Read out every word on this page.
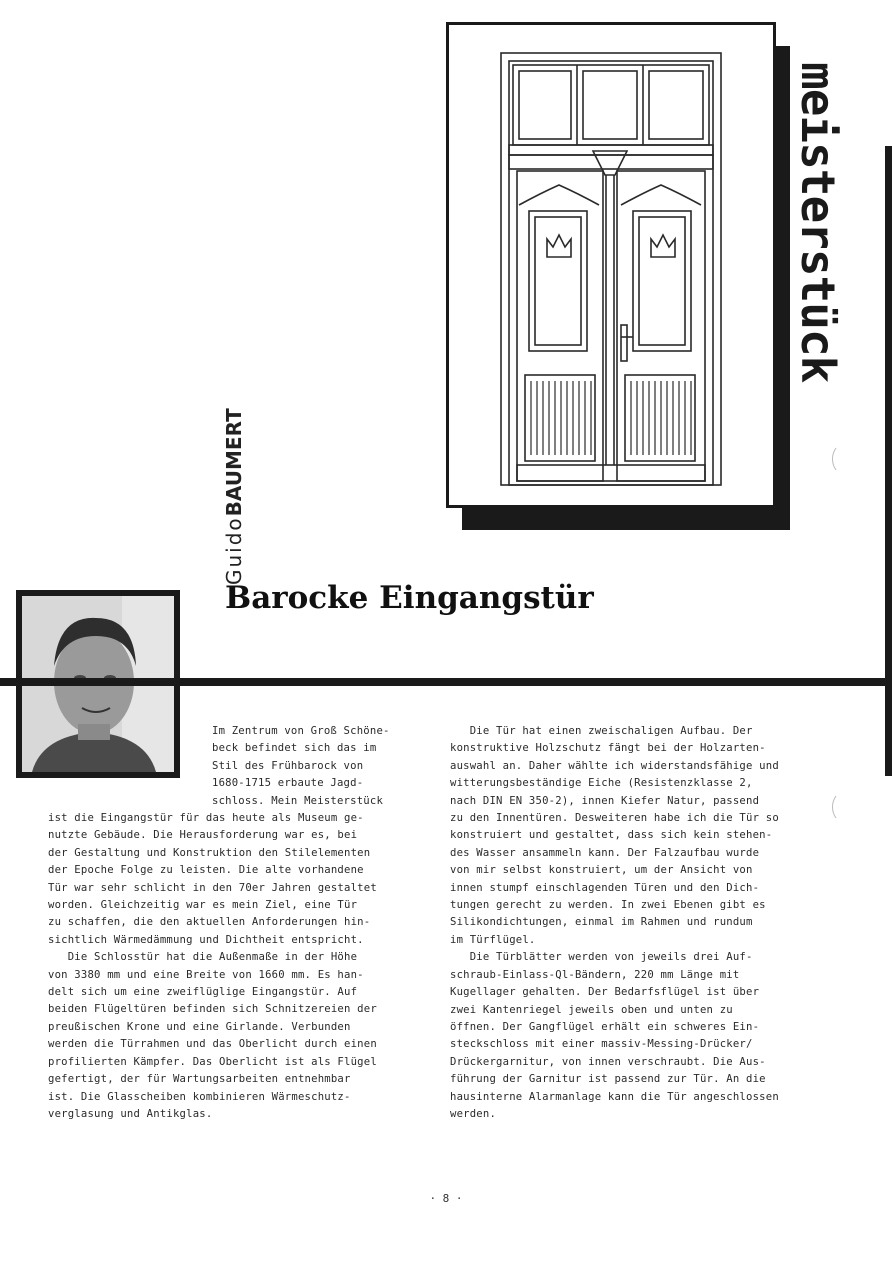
meisterstück
GuidoBAUMERT
Barocke Eingangstür
Im Zentrum von Groß Schöne-
beck befindet sich das im
Stil des Frühbarock von
1680-1715 erbaute Jagd-
schloss. Mein Meisterstück
ist die Eingangstür für das heute als Museum ge-
nutzte Gebäude. Die Herausforderung war es, bei
der Gestaltung und Konstruktion den Stilelementen
der Epoche Folge zu leisten. Die alte vorhandene
Tür war sehr schlicht in den 70er Jahren gestaltet
worden. Gleichzeitig war es mein Ziel, eine Tür
zu schaffen, die den aktuellen Anforderungen hin-
sichtlich Wärmedämmung und Dichtheit entspricht.
Die Schlosstür hat die Außenmaße in der Höhe
von 3380 mm und eine Breite von 1660 mm. Es han-
delt sich um eine zweiflüglige Eingangstür. Auf
beiden Flügeltüren befinden sich Schnitzereien der
preußischen Krone und eine Girlande. Verbunden
werden die Türrahmen und das Oberlicht durch einen
profilierten Kämpfer. Das Oberlicht ist als Flügel
gefertigt, der für Wartungsarbeiten entnehmbar
ist. Die Glasscheiben kombinieren Wärmeschutz-
verglasung und Antikglas.
Die Tür hat einen zweischaligen Aufbau. Der
konstruktive Holzschutz fängt bei der Holzarten-
auswahl an. Daher wählte ich widerstandsfähige und
witterungsbeständige Eiche (Resistenzklasse 2,
nach DIN EN 350-2), innen Kiefer Natur, passend
zu den Innentüren. Desweiteren habe ich die Tür so
konstruiert und gestaltet, dass sich kein stehen-
des Wasser ansammeln kann. Der Falzaufbau wurde
von mir selbst konstruiert, um der Ansicht von
innen stumpf einschlagenden Türen und den Dich-
tungen gerecht zu werden. In zwei Ebenen gibt es
Silikondichtungen, einmal im Rahmen und rundum
im Türflügel.
Die Türblätter werden von jeweils drei Auf-
schraub-Einlass-Ql-Bändern, 220 mm Länge mit
Kugellager gehalten. Der Bedarfsflügel ist über
zwei Kantenriegel jeweils oben und unten zu
öffnen. Der Gangflügel erhält ein schweres Ein-
steckschloss mit einer massiv-Messing-Drücker/
Drückergarnitur, von innen verschraubt. Die Aus-
führung der Garnitur ist passend zur Tür. An die
hausinterne Alarmanlage kann die Tür angeschlossen
werden.
· 8 ·
